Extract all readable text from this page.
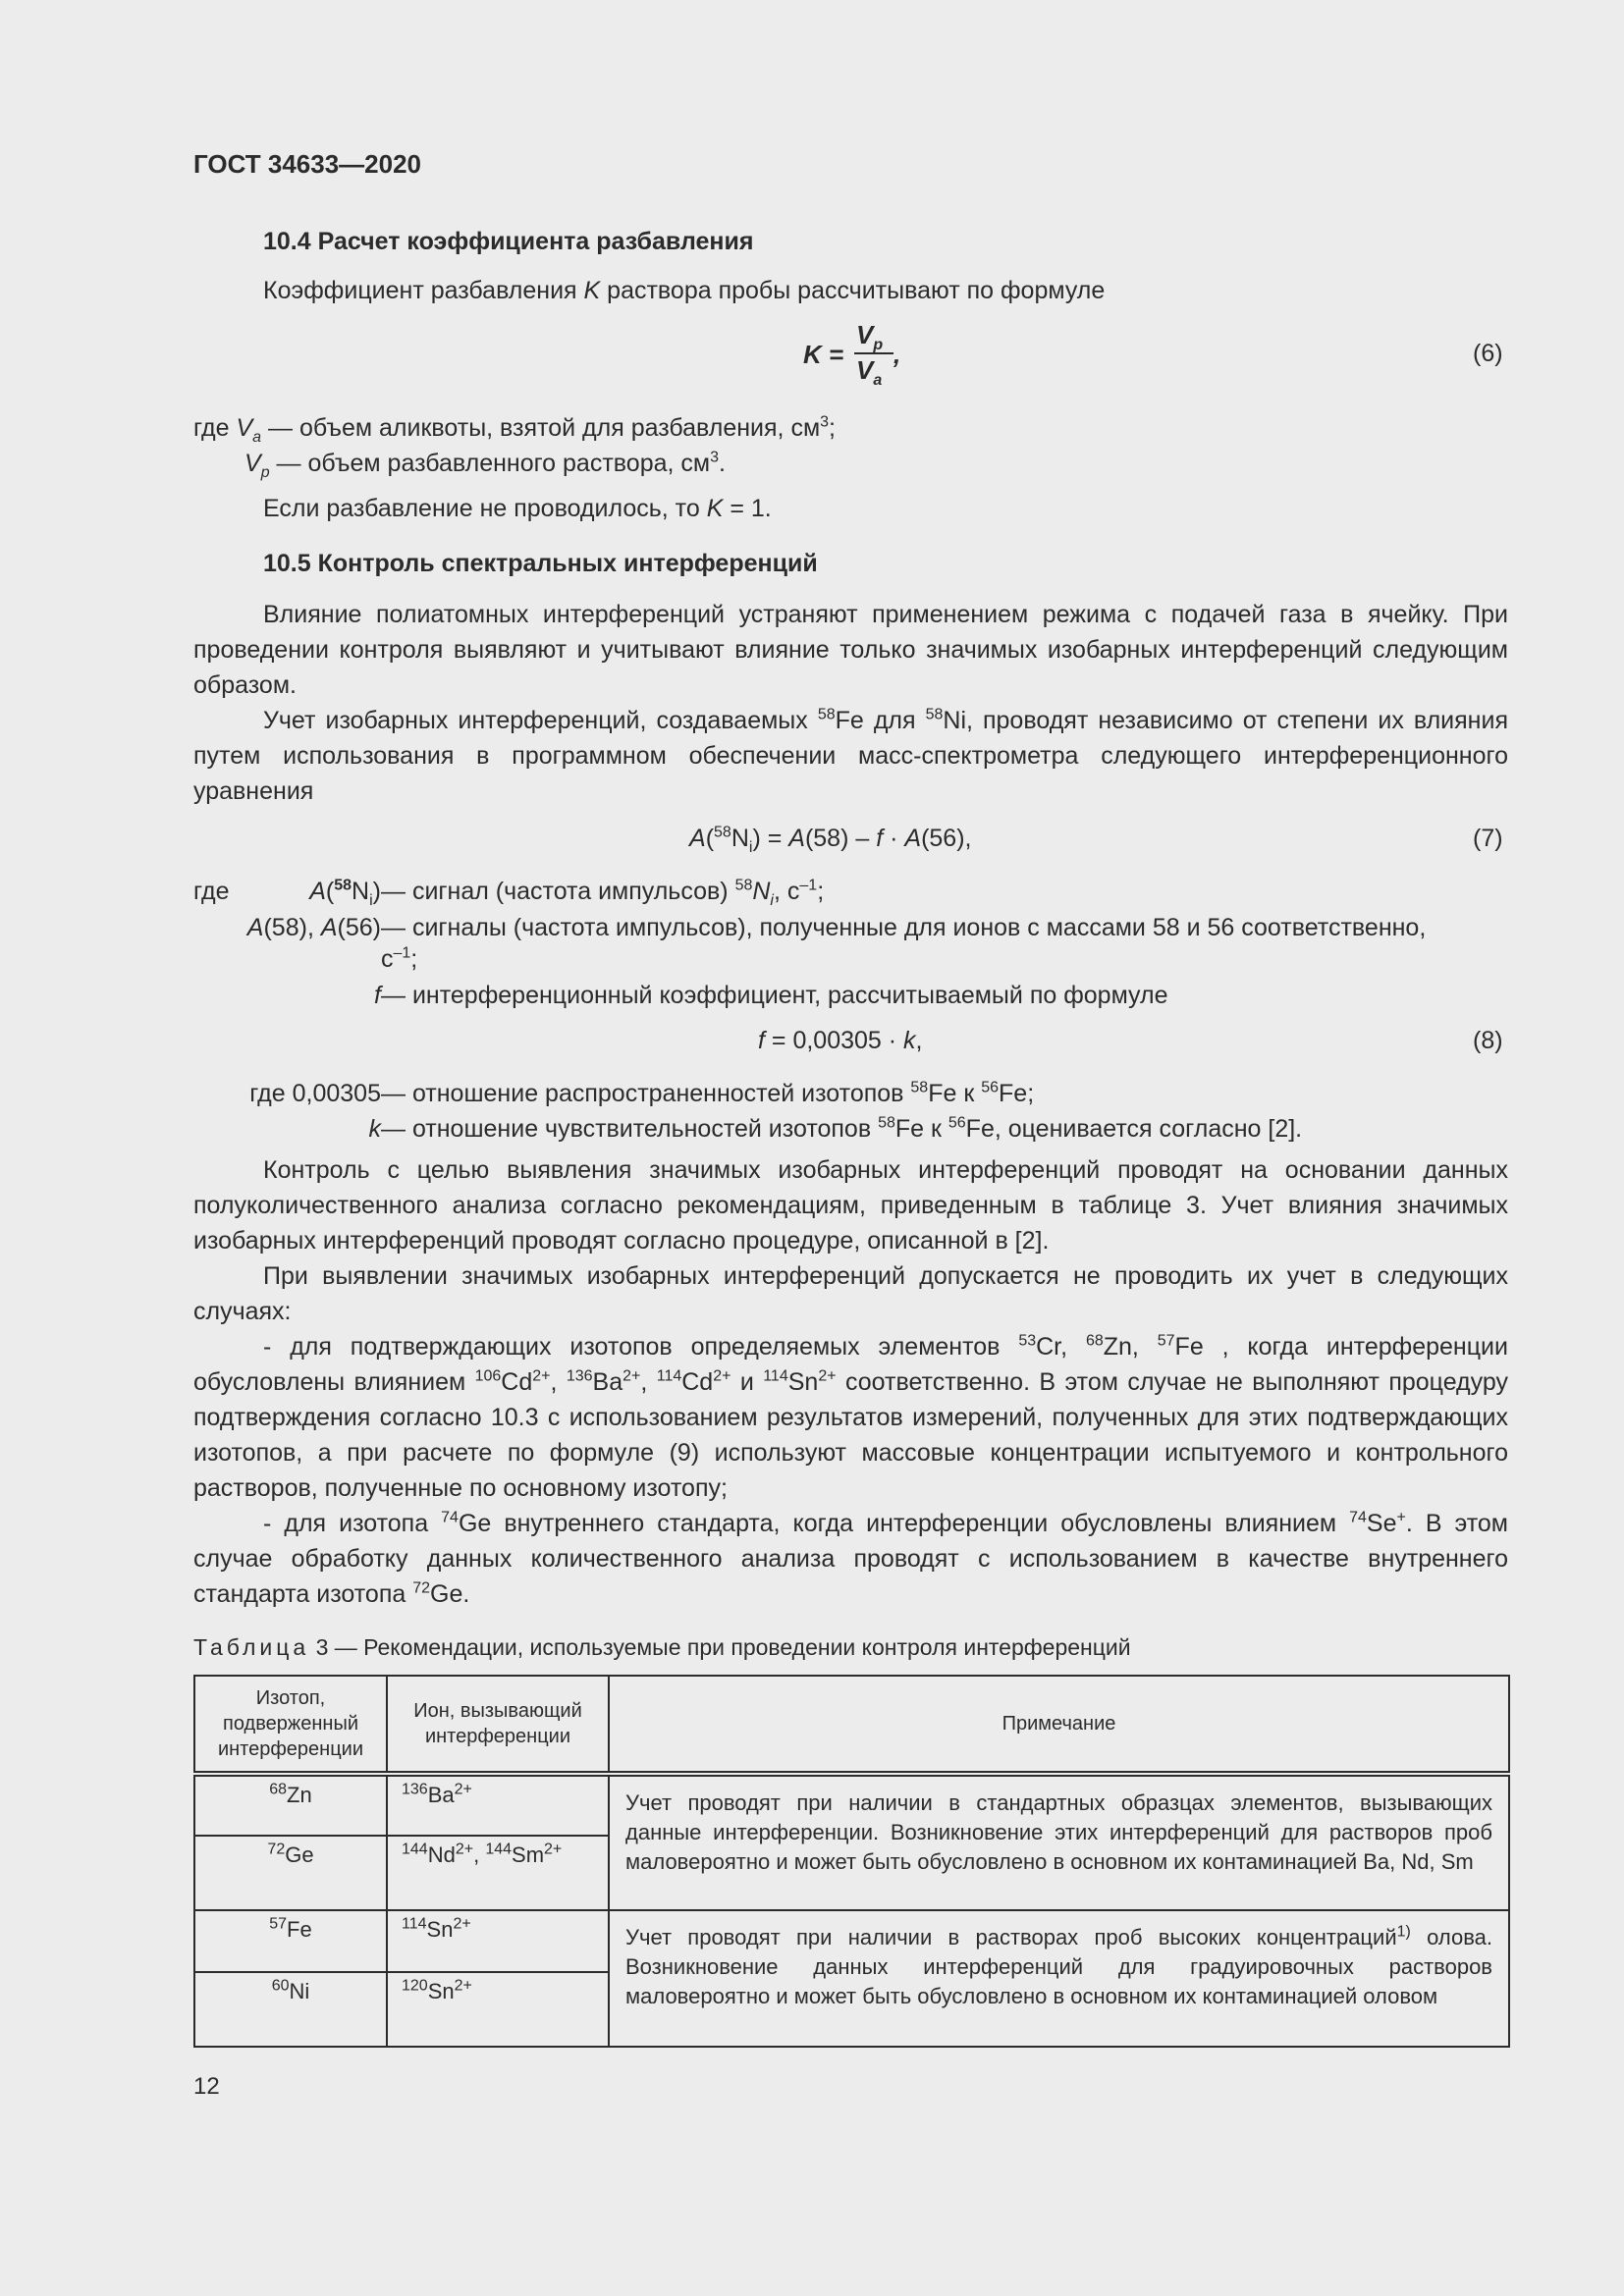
ГОСТ 34633—2020
10.4 Расчет коэффициента разбавления
Коэффициент разбавления K раствора пробы рассчитывают по формуле
K =
$V_p$
$V_a$
,	(6)
где $V_a$ — объем аликвоты, взятой для разбавления, $см^3$;
$V_p$ — объем разбавленного раствора, $см^3$.
Если разбавление не проводилось, то K = 1.
10.5 Контроль спектральных интерференций
Влияние полиатомных интерференций устраняют применением режима с подачей газа в ячейку. При проведении контроля выявляют и учитывают влияние только значимых изобарных интерференций следующим образом.
Учет изобарных интерференций, создаваемых $^{58}$Fe для $^{58}$Ni, проводят независимо от степени их влияния путем использования в программном обеспечении масс-спектрометра следующего интерференционного уравнения
$A(^{58}N_i) = A(58) - f \cdot A(56)$,	(7)
где	$A(^{58}N_i)$ — сигнал (частота импульсов) $^{58}N_i$, $с^{-1}$;
A(58), A(56) — сигналы (частота импульсов), полученные для ионов с массами 58 и 56 соответственно,
$с^{-1}$;
f — интерференционный коэффициент, рассчитываемый по формуле
f = 0,00305 · k,	(8)
где 0,00305 — отношение распространенностей изотопов $^{58}$Fe к $^{56}$Fe;
k — отношение чувствительностей изотопов $^{58}$Fe к $^{56}$Fe, оценивается согласно [2].
Контроль с целью выявления значимых изобарных интерференций проводят на основании данных полуколичественного анализа согласно рекомендациям, приведенным в таблице 3. Учет влияния значимых изобарных интерференций проводят согласно процедуре, описанной в [2].
При выявлении значимых изобарных интерференций допускается не проводить их учет в следующих случаях:
- для подтверждающих изотопов определяемых элементов $^{53}$Cr, $^{68}$Zn, $^{57}$Fe , когда интерференции обусловлены влиянием $^{106}Cd^{2+}$, $^{136}Ba^{2+}$, $^{114}Cd^{2+}$ и $^{114}Sn^{2+}$ соответственно. В этом случае не выполняют процедуру подтверждения согласно 10.3 с использованием результатов измерений, полученных для этих подтверждающих изотопов, а при расчете по формуле (9) используют массовые концентрации испытуемого и контрольного растворов, полученные по основному изотопу;
- для изотопа $^{74}$Ge внутреннего стандарта, когда интерференции обусловлены влиянием $^{74}$Se+. В этом случае обработку данных количественного анализа проводят с использованием в качестве внутреннего стандарта изотопа $^{72}$Ge.
Таблица 3 — Рекомендации, используемые при проведении контроля интерференций
Изотоп, подверженный интерференции	Ион, вызывающий интерференции	Примечание
$^{68}$Zn	$^{136}Ba^{2+}$	Учет проводят при наличии в стандартных образцах элементов, вызывающих данные интерференции. Возникновение этих интерференций для растворов проб маловероятно и может быть обусловлено в основном их контаминацией Ba, Nd, Sm
$^{72}$Ge	$^{144}Nd^{2+}$, $^{144}Sm^{2+}$
$^{57}$Fe	$^{114}Sn^{2+}$	Учет проводят при наличии в растворах проб высоких концентраций$^{1)}$ олова. Возникновение данных интерференций для градуировочных растворов маловероятно и может быть обусловлено в основном их контаминацией оловом
$^{60}$Ni	$^{120}Sn^{2+}$
12
